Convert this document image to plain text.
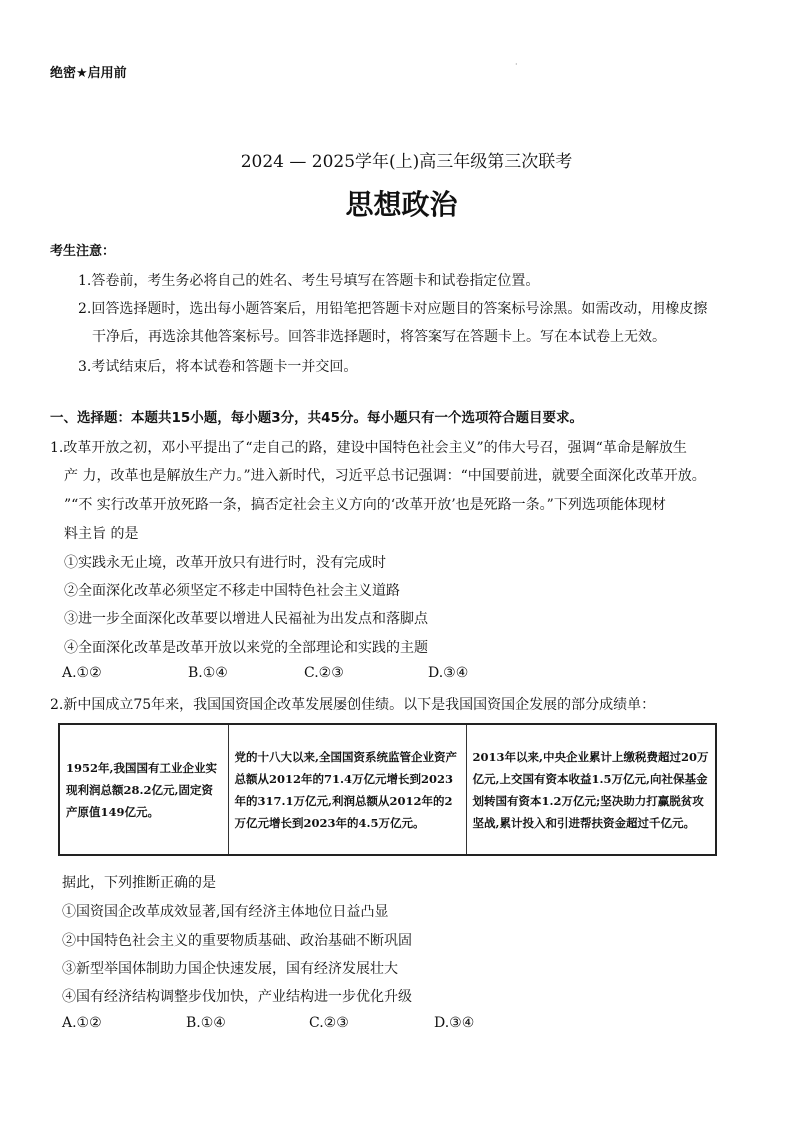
绝密★启用前
·
2024 — 2025学年(上)高三年级第三次联考
思想政治
考生注意：
1.答卷前，考生务必将自己的姓名、考生号填写在答题卡和试卷指定位置。
2.回答选择题时，选出每小题答案后，用铅笔把答题卡对应题目的答案标号涂黑。如需改动，用橡皮擦
干净后，再选涂其他答案标号。回答非选择题时，将答案写在答题卡上。写在本试卷上无效。
3.考试结束后，将本试卷和答题卡一并交回。
一、选择题：本题共15小题，每小题3分，共45分。每小题只有一个选项符合题目要求。
1.改革开放之初，邓小平提出了“走自己的路，建设中国特色社会主义”的伟大号召，强调“革命是解放生
产 力，改革也是解放生产力。”进入新时代，习近平总书记强调：“中国要前进，就要全面深化改革开放。
”“不 实行改革开放死路一条，搞否定社会主义方向的‘改革开放’也是死路一条。”下列选项能体现材
料主旨 的是
①实践永无止境，改革开放只有进行时，没有完成时
②全面深化改革必须坚定不移走中国特色社会主义道路
③进一步全面深化改革要以增进人民福祉为出发点和落脚点
④全面深化改革是改革开放以来党的全部理论和实践的主题
A.①②	B.①④	C.②③	D.③④
2.新中国成立75年来，我国国资国企改革发展屡创佳绩。以下是我国国资国企发展的部分成绩单：
1952年,我国国有工业企业实现利润总额28.2亿元,固定资产原值149亿元。	党的十八大以来,全国国资系统监管企业资产总额从2012年的71.4万亿元增长到2023年的317.1万亿元,利润总额从2012年的2万亿元增长到2023年的4.5万亿元。	2013年以来,中央企业累计上缴税费超过20万亿元,上交国有资本收益1.5万亿元,向社保基金划转国有资本1.2万亿元;坚决助力打赢脱贫攻坚战,累计投入和引进帮扶资金超过千亿元。
据此，下列推断正确的是
①国资国企改革成效显著,国有经济主体地位日益凸显
②中国特色社会主义的重要物质基础、政治基础不断巩固
③新型举国体制助力国企快速发展，国有经济发展壮大
④国有经济结构调整步伐加快，产业结构进一步优化升级
A.①②	B.①④	C.②③	D.③④
